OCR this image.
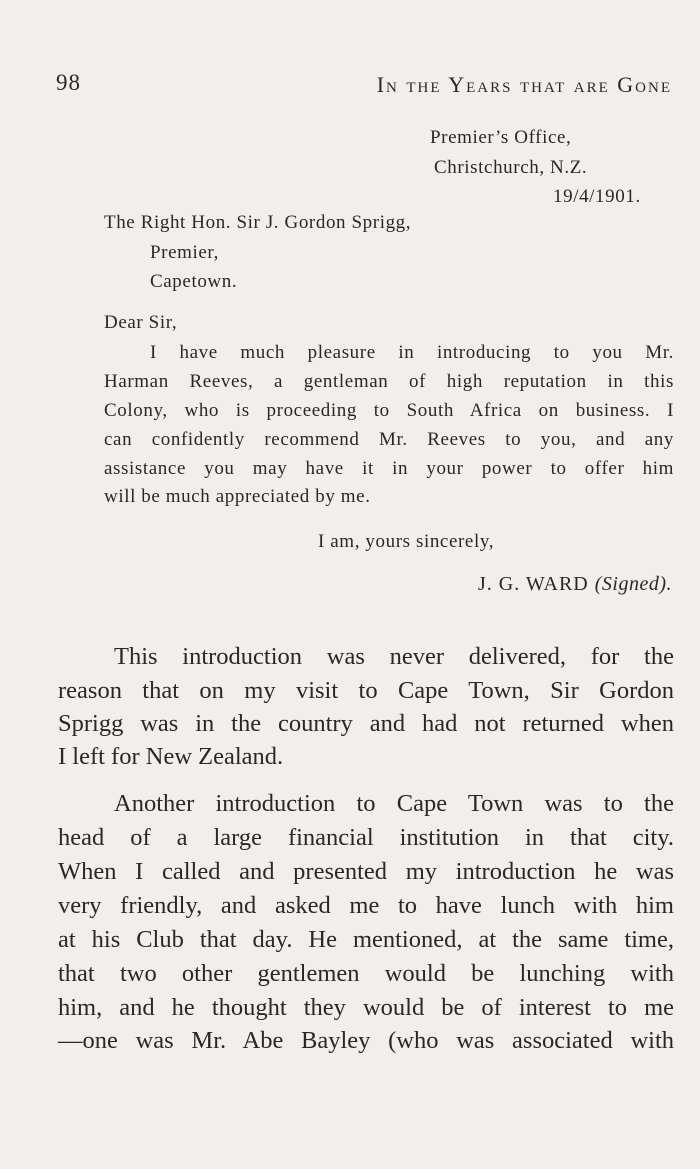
98	In the Years that are Gone
Premier’s Office,
Christchurch, N.Z.
19/4/1901.
The Right Hon. Sir J. Gordon Sprigg,
Premier,
Capetown.
Dear Sir,
I have much pleasure in introducing to you Mr.
Harman Reeves, a gentleman of high reputation in this
Colony, who is proceeding to South Africa on business. I
can confidently recommend Mr. Reeves to you, and any
assistance you may have it in your power to offer him
will be much appreciated by me.
I am, yours sincerely,
J. G. WARD (Signed).
This introduction was never delivered, for the
reason that on my visit to Cape Town, Sir Gordon
Sprigg was in the country and had not returned when
I left for New Zealand.
Another introduction to Cape Town was to the
head of a large financial institution in that city.
When I called and presented my introduction he was
very friendly, and asked me to have lunch with him
at his Club that day. He mentioned, at the same time,
that two other gentlemen would be lunching with
him, and he thought they would be of interest to me
—one was Mr. Abe Bayley (who was associated with
